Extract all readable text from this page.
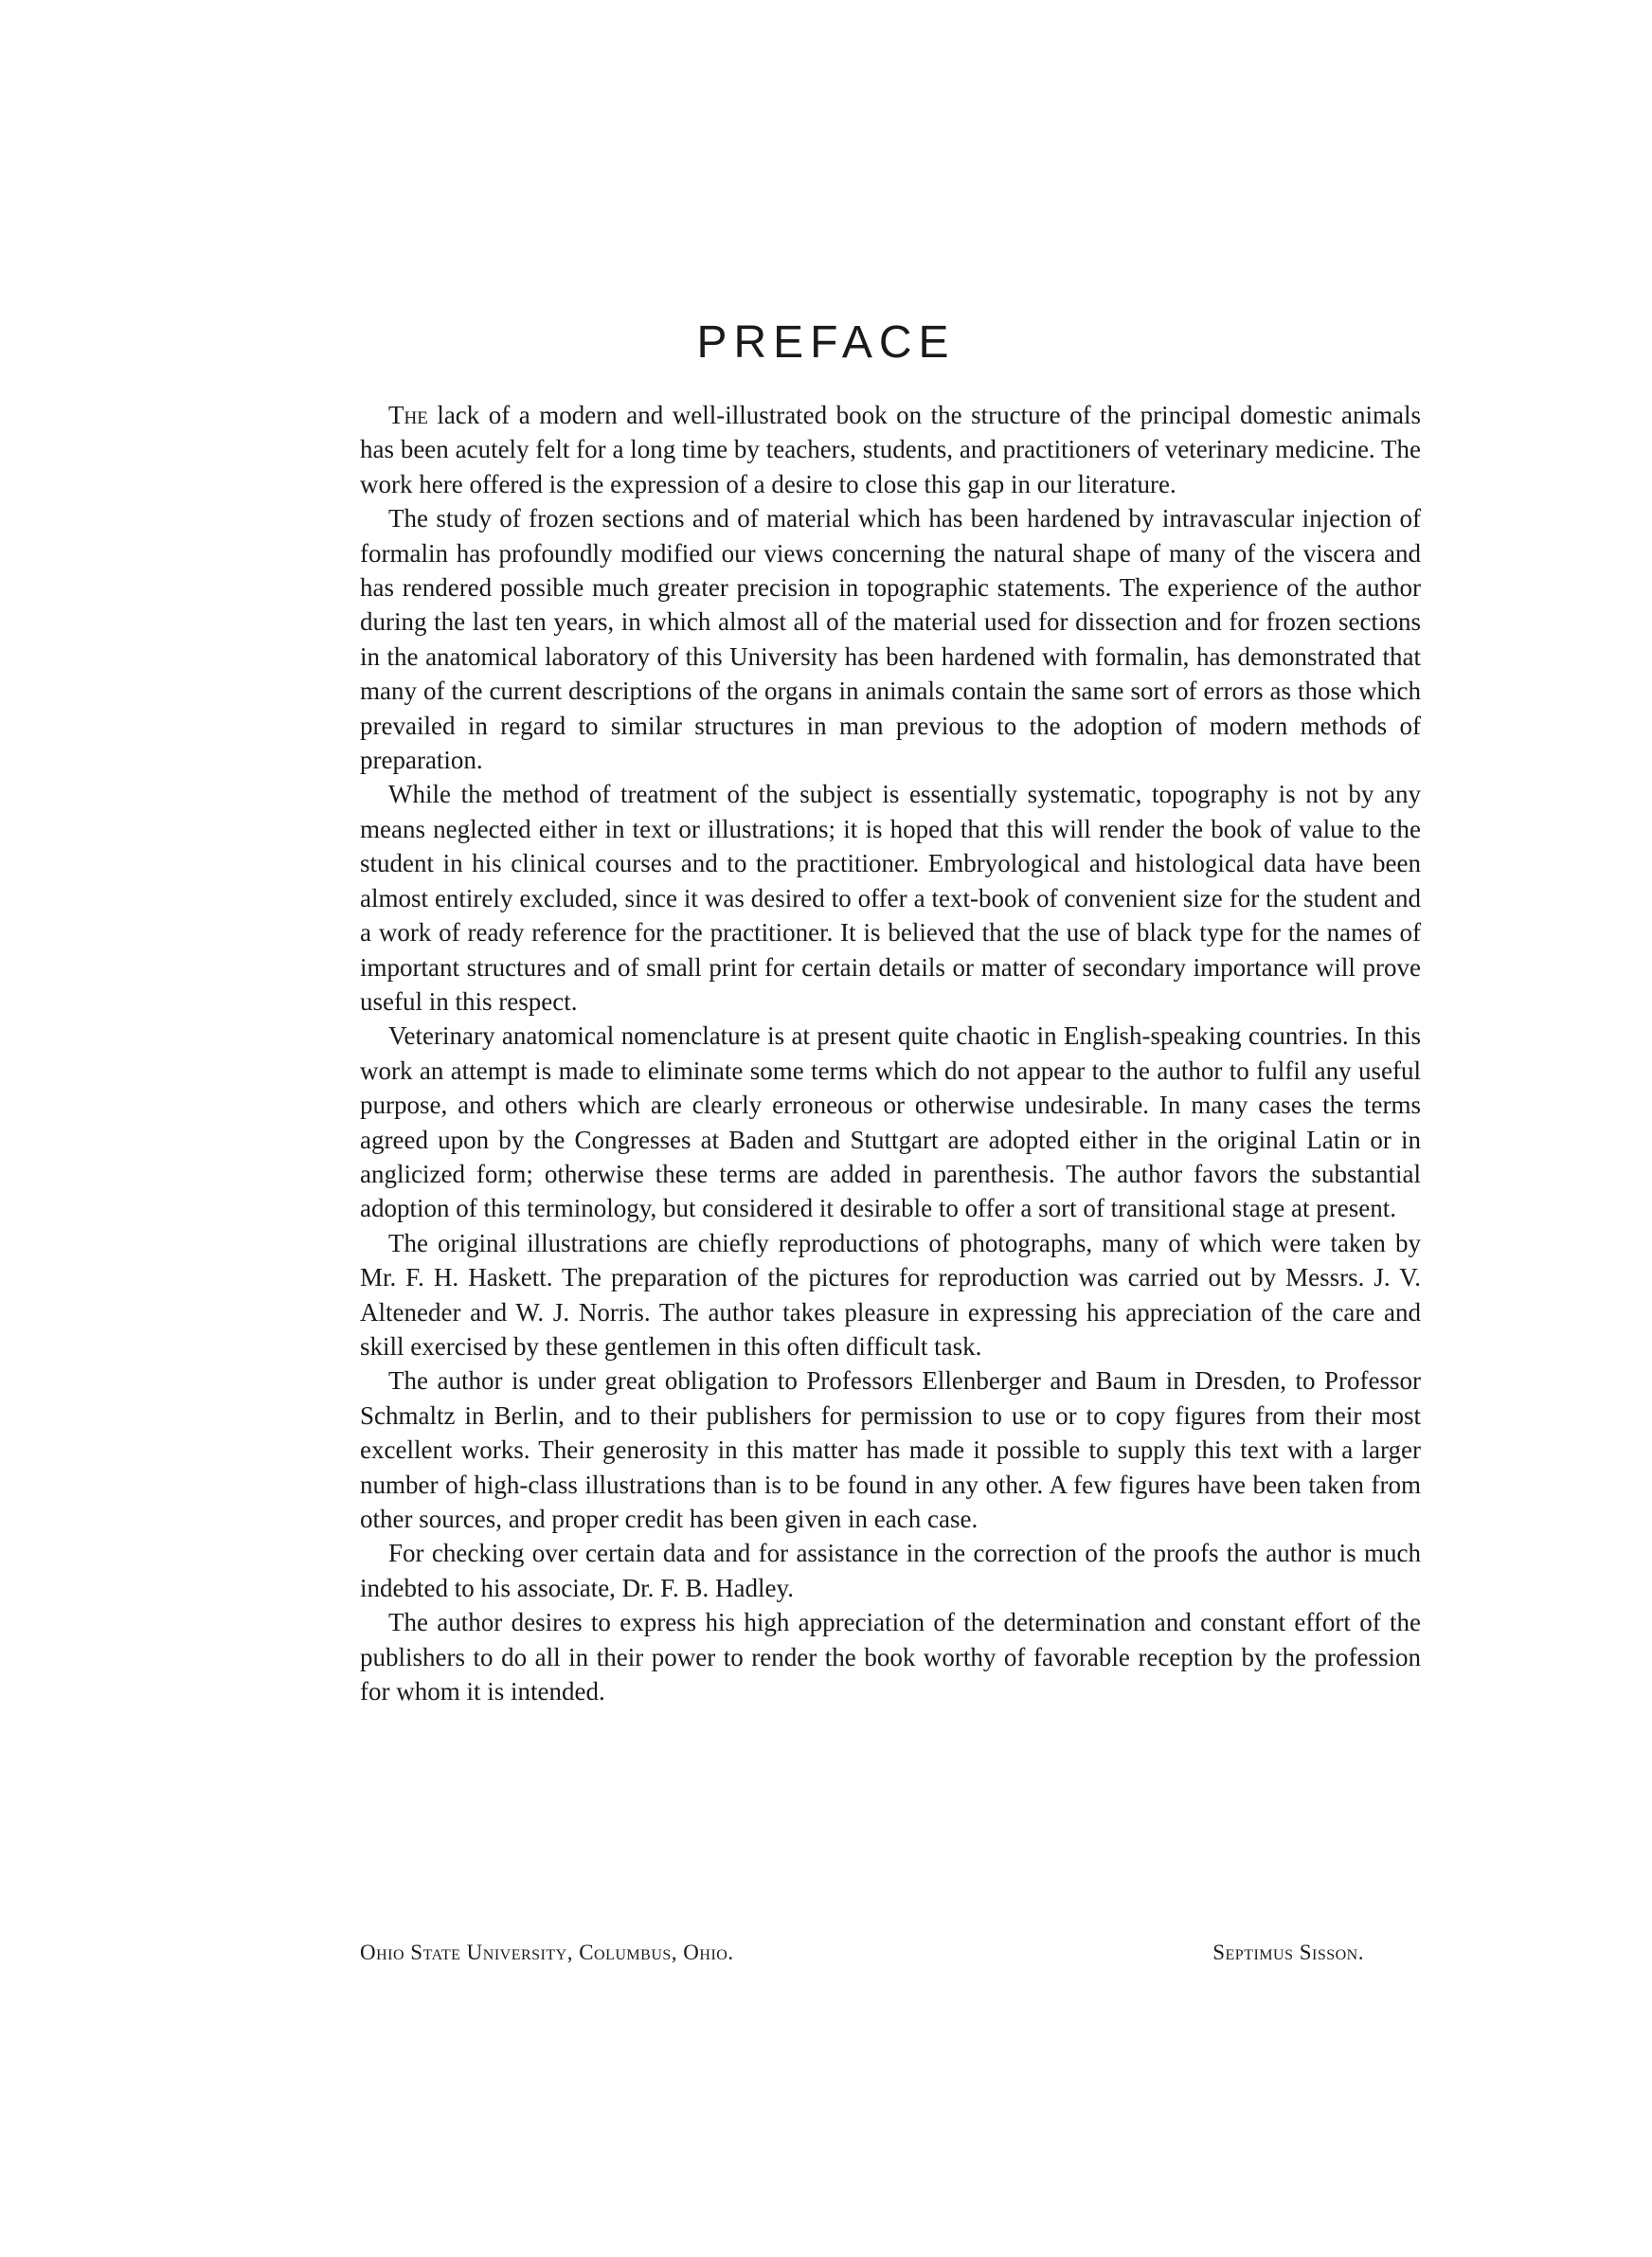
PREFACE

The lack of a modern and well-illustrated book on the structure of the principal domestic animals has been acutely felt for a long time by teachers, students, and practitioners of veterinary medicine. The work here offered is the expression of a desire to close this gap in our literature.

The study of frozen sections and of material which has been hardened by intravascular injection of formalin has profoundly modified our views concerning the natural shape of many of the viscera and has rendered possible much greater precision in topographic statements. The experience of the author during the last ten years, in which almost all of the material used for dissection and for frozen sections in the anatomical laboratory of this University has been hardened with formalin, has demonstrated that many of the current descriptions of the organs in animals contain the same sort of errors as those which prevailed in regard to similar structures in man previous to the adoption of modern methods of preparation.

While the method of treatment of the subject is essentially systematic, topography is not by any means neglected either in text or illustrations; it is hoped that this will render the book of value to the student in his clinical courses and to the practitioner. Embryological and histological data have been almost entirely excluded, since it was desired to offer a text-book of convenient size for the student and a work of ready reference for the practitioner. It is believed that the use of black type for the names of important structures and of small print for certain details or matter of secondary importance will prove useful in this respect.

Veterinary anatomical nomenclature is at present quite chaotic in English-speaking countries. In this work an attempt is made to eliminate some terms which do not appear to the author to fulfil any useful purpose, and others which are clearly erroneous or otherwise undesirable. In many cases the terms agreed upon by the Congresses at Baden and Stuttgart are adopted either in the original Latin or in anglicized form; otherwise these terms are added in parenthesis. The author favors the substantial adoption of this terminology, but considered it desirable to offer a sort of transitional stage at present.

The original illustrations are chiefly reproductions of photographs, many of which were taken by Mr. F. H. Haskett. The preparation of the pictures for reproduction was carried out by Messrs. J. V. Alteneder and W. J. Norris. The author takes pleasure in expressing his appreciation of the care and skill exercised by these gentlemen in this often difficult task.

The author is under great obligation to Professors Ellenberger and Baum in Dresden, to Professor Schmaltz in Berlin, and to their publishers for permission to use or to copy figures from their most excellent works. Their generosity in this matter has made it possible to supply this text with a larger number of high-class illustrations than is to be found in any other. A few figures have been taken from other sources, and proper credit has been given in each case.

For checking over certain data and for assistance in the correction of the proofs the author is much indebted to his associate, Dr. F. B. Hadley.

The author desires to express his high appreciation of the determination and constant effort of the publishers to do all in their power to render the book worthy of favorable reception by the profession for whom it is intended.

Ohio State University, Columbus, Ohio.	Septimus Sisson.
